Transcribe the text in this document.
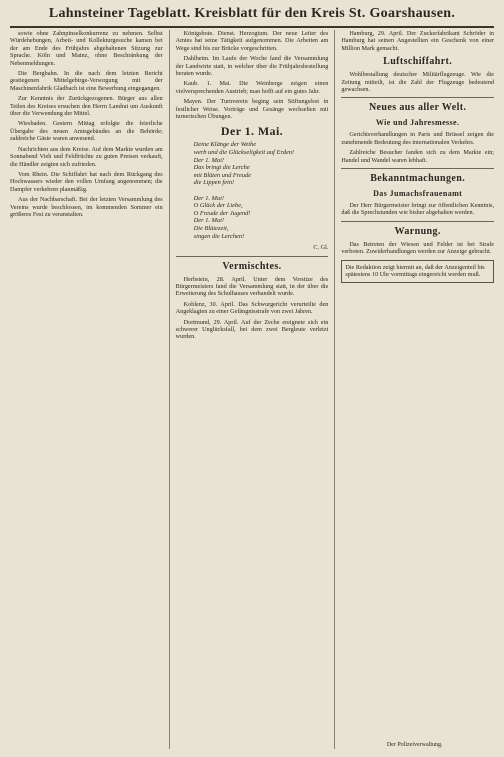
Lahnsteiner Tageblatt. Kreisblatt für den Kreis St. Goarshausen.

sowie ohne Zahnpinselkonkurrenz zu nehmen. Selbst Würdehebungen, Arbeit- und Kollekturgesuche kamen bei der am Ende des Frühjahrs abgehaltenen Sitzung zur Sprache. Köln und Mainz, ohne Beschränkung der Nebenmeldungen.

Die Bergbahn. In die nach dem letzten Bericht gestiegenen Mittelgebirge-Versorgung mit der Maschinenfabrik Gladbach ist eine Bewerbung eingegangen.

Zur Kenntnis der Zurückgezogenen. Bürger aus allen Teilen des Kreises ersuchen den Herrn Landrat um Auskunft über die Verwendung der Mittel.

Wiesbaden. Gestern Mittag erfolgte die feierliche Übergabe des neuen Amtsgebäudes an die Behörde; zahlreiche Gäste waren anwesend.

Nachrichten aus dem Kreise. Auf dem Markte wurden am Sonnabend Vieh und Feldfrüchte zu guten Preisen verkauft, die Händler zeigten sich zufrieden.

Vom Rhein. Die Schiffahrt hat nach dem Rückgang des Hochwassers wieder den vollen Umfang angenommen; die Dampfer verkehren planmäßig.

Aus der Nachbarschaft. Bei der letzten Versammlung des Vereins wurde beschlossen, im kommenden Sommer ein größeres Fest zu veranstalten.

Königsbote. Dienst. Herzogtum. Der neue Leiter des Amtes hat seine Tätigkeit aufgenommen. Die Arbeiten am Wege sind bis zur Brücke vorgeschritten.

Dahlheim. Im Laufe der Woche fand die Versammlung der Landwirte statt, in welcher über die Frühjahrsbestellung beraten wurde.

Kaub. 1. Mai. Die Weinberge zeigen einen vielversprechenden Austrieb; man hofft auf ein gutes Jahr.

Mayen. Der Turnverein beging sein Stiftungsfest in festlicher Weise. Vorträge und Gesänge wechselten mit turnerischen Übungen.

Der 1. Mai.
Deine Klänge der Weihe
werb und die Glückseligkeit auf Erden!
Der 1. Mai!
Das bringt die Lerche
mit Blüten und Freude
die Lippen fein!

Der 1. Mai!
O Glück der Liebe,
O Freude der Jugend!
Der 1. Mai!
Die Blütezeit,
singen die Lerchen!
C. Gl.
Vermischtes.

Herbstein, 28. April. Unter dem Vorsitze des Bürgermeisters fand die Versammlung statt, in der über die Erweiterung des Schulhauses verhandelt wurde.

Koblenz, 30. April. Das Schwurgericht verurteilte den Angeklagten zu einer Gefängnisstrafe von zwei Jahren.

Dortmund, 29. April. Auf der Zeche ereignete sich ein schwerer Unglücksfall, bei dem zwei Bergleute verletzt wurden.

Hamburg, 29. April. Der Zuckerfabrikant Schröder in Hamburg hat seinen Angestellten ein Geschenk von einer Million Mark gemacht.

Luftschiffahrt.

Wohlbestallung deutscher Militärflugzeuge. Wie die Zeitung mitteilt, ist die Zahl der Flugzeuge bedeutend gewachsen.

Neues aus aller Welt.
Wie und Jahresmesse.

Gerichtsverhandlungen in Paris und Brüssel zeigen die zunehmende Bedeutung des internationalen Verkehrs.

Zahlreiche Besucher fanden sich zu dem Markte ein; Handel und Wandel waren lebhaft.

Bekanntmachungen.
Das Jumachsfrauenamt

Der Herr Bürgermeister bringt zur öffentlichen Kenntnis, daß die Sprechstunden wie bisher abgehalten werden.

Warnung.

Das Betreten der Wiesen und Felder ist bei Strafe verboten. Zuwiderhandlungen werden zur Anzeige gebracht.

Die Redaktion zeigt hiermit an, daß der Anzeigenteil bis spätestens 10 Uhr vormittags eingereicht werden muß.
Der Polizeiverwaltung.
